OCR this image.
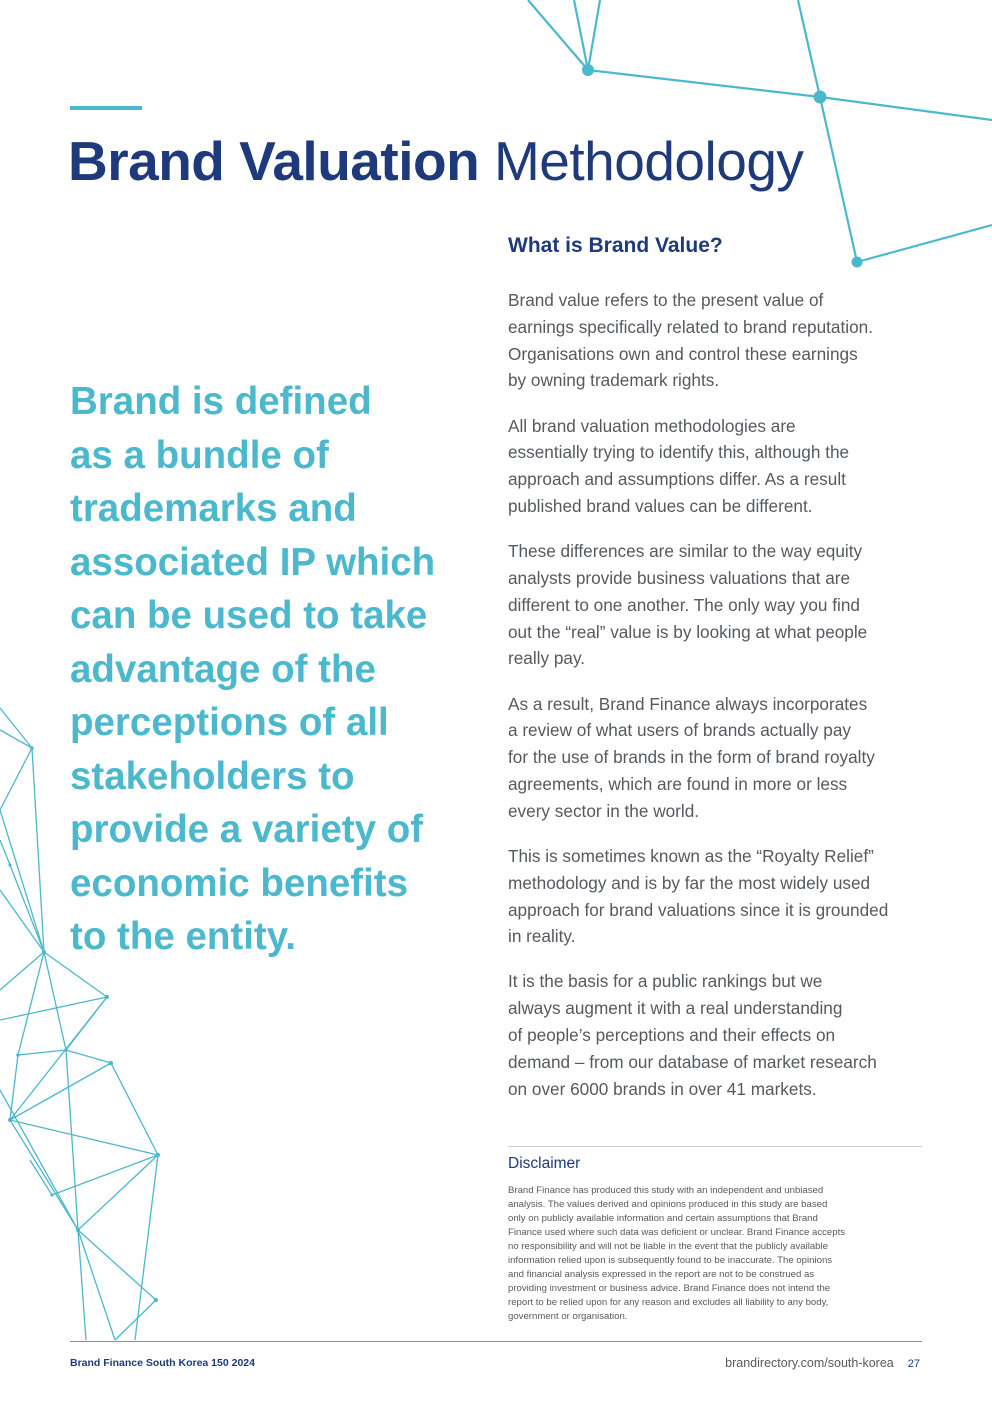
Brand Valuation Methodology
Brand is defined
as a bundle of
trademarks and
associated IP which
can be used to take
advantage of the
perceptions of all
stakeholders to
provide a variety of
economic benefits
to the entity.
What is Brand Value?

Brand value refers to the present value of
earnings specifically related to brand reputation.
Organisations own and control these earnings
by owning trademark rights.

All brand valuation methodologies are
essentially trying to identify this, although the
approach and assumptions differ. As a result
published brand values can be different.

These differences are similar to the way equity
analysts provide business valuations that are
different to one another. The only way you find
out the “real” value is by looking at what people
really pay.

As a result, Brand Finance always incorporates
a review of what users of brands actually pay
for the use of brands in the form of brand royalty
agreements, which are found in more or less
every sector in the world.

This is sometimes known as the “Royalty Relief”
methodology and is by far the most widely used
approach for brand valuations since it is grounded
in reality.

It is the basis for a public rankings but we
always augment it with a real understanding
of people’s perceptions and their effects on
demand – from our database of market research
on over 6000 brands in over 41 markets.

Disclaimer
Brand Finance has produced this study with an independent and unbiased
analysis. The values derived and opinions produced in this study are based
only on publicly available information and certain assumptions that Brand
Finance used where such data was deficient or unclear. Brand Finance accepts
no responsibility and will not be liable in the event that the publicly available
information relied upon is subsequently found to be inaccurate. The opinions
and financial analysis expressed in the report are not to be construed as
providing investment or business advice. Brand Finance does not intend the
report to be relied upon for any reason and excludes all liability to any body,
government or organisation.
Brand Finance South Korea 150 2024	brandirectory.com/south-korea 27
